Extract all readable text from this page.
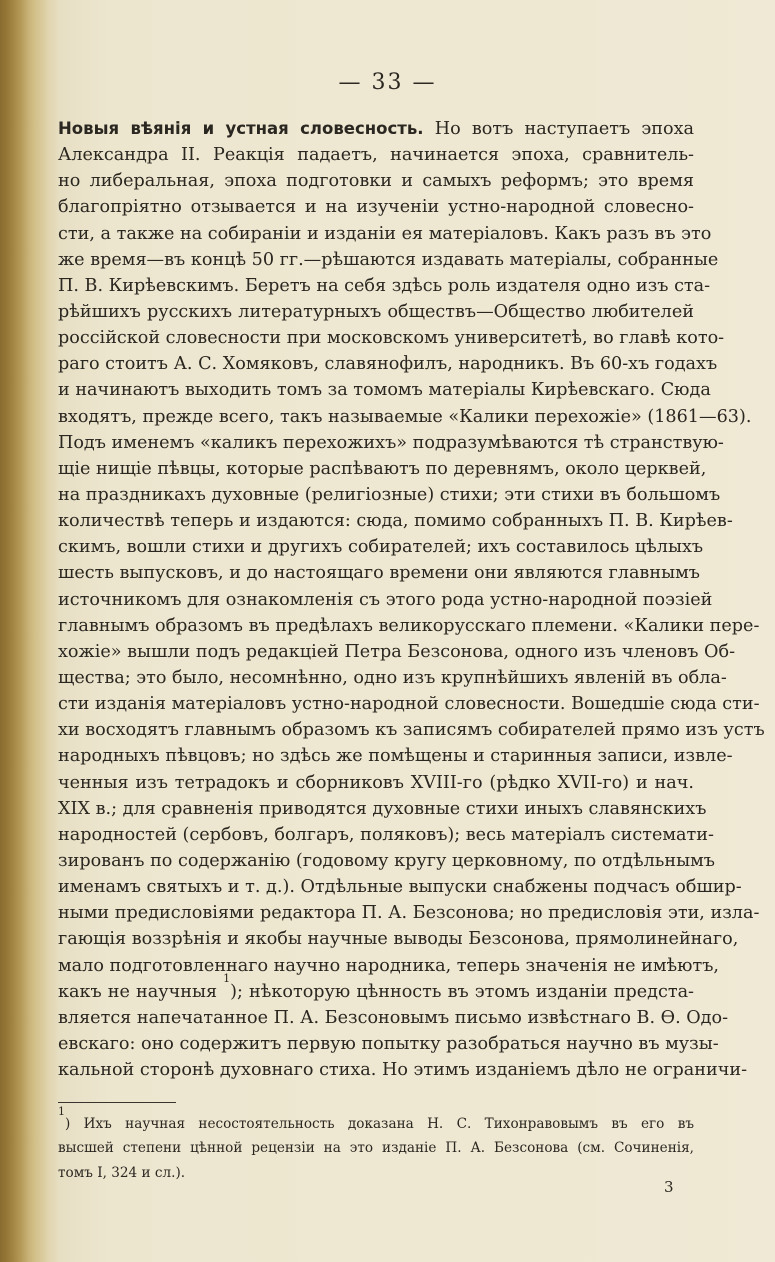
— 33 —
Новыя вѣянія и устная словесность. Но вотъ наступаетъ эпоха
Александра II. Реакція падаетъ, начинается эпоха, сравнитель-
но либеральная, эпоха подготовки и самыхъ реформъ; это время
благопріятно отзывается и на изученіи устно-народной словесно-
сти, а также на собираніи и изданіи ея матеріаловъ. Какъ разъ въ это
же время—въ концѣ 50 гг.—рѣшаются издавать матеріалы, собранные
П. В. Кирѣевскимъ. Беретъ на себя здѣсь роль издателя одно изъ ста-
рѣйшихъ русскихъ литературныхъ обществъ—Общество любителей
россійской словесности при московскомъ университетѣ, во главѣ кото-
раго стоитъ А. С. Хомяковъ, славянофилъ, народникъ. Въ 60-хъ годахъ
и начинаютъ выходить томъ за томомъ матеріалы Кирѣевскаго. Сюда
входятъ, прежде всего, такъ называемые «Калики перехожіе» (1861—63).
Подъ именемъ «каликъ перехожихъ» подразумѣваются тѣ странствую-
щіе нищіе пѣвцы, которые распѣваютъ по деревнямъ, около церквей,
на праздникахъ духовные (религіозные) стихи; эти стихи въ большомъ
количествѣ теперь и издаются: сюда, помимо собранныхъ П. В. Кирѣев-
скимъ, вошли стихи и другихъ собирателей; ихъ составилось цѣлыхъ
шесть выпусковъ, и до настоящаго времени они являются главнымъ
источникомъ для ознакомленія съ этого рода устно-народной поэзіей
главнымъ образомъ въ предѣлахъ великорусскаго племени. «Калики пере-
хожіе» вышли подъ редакціей Петра Безсонова, одного изъ членовъ Об-
щества; это было, несомнѣнно, одно изъ крупнѣйшихъ явленій въ обла-
сти изданія матеріаловъ устно-народной словесности. Вошедшіе сюда сти-
хи восходятъ главнымъ образомъ къ записямъ собирателей прямо изъ устъ
народныхъ пѣвцовъ; но здѣсь же помѣщены и старинныя записи, извле-
ченныя изъ тетрадокъ и сборниковъ XVIII-го (рѣдко XVII-го) и нач.
XIX в.; для сравненія приводятся духовные стихи иныхъ славянскихъ
народностей (сербовъ, болгаръ, поляковъ); весь матеріалъ системати-
зированъ по содержанію (годовому кругу церковному, по отдѣльнымъ
именамъ святыхъ и т. д.). Отдѣльные выпуски снабжены подчасъ обшир-
ными предисловіями редактора П. А. Безсонова; но предисловія эти, изла-
гающія воззрѣнія и якобы научные выводы Безсонова, прямолинейнаго,
мало подготовленнаго научно народника, теперь значенія не имѣютъ,
какъ не научныя $^1$); нѣкоторую цѣнность въ этомъ изданіи предста-
вляется напечатанное П. А. Безсоновымъ письмо извѣстнаго В. Ѳ. Одо-
евскаго: оно содержитъ первую попытку разобраться научно въ музы-
кальной сторонѣ духовнаго стиха. Но этимъ изданіемъ дѣло не ограничи-
$^1$) Ихъ научная несостоятельность доказана Н. С. Тихонравовымъ въ его въ
высшей степени цѣнной рецензіи на это изданіе П. А. Безсонова (см. Сочиненія,
томъ I, 324 и сл.).
3
